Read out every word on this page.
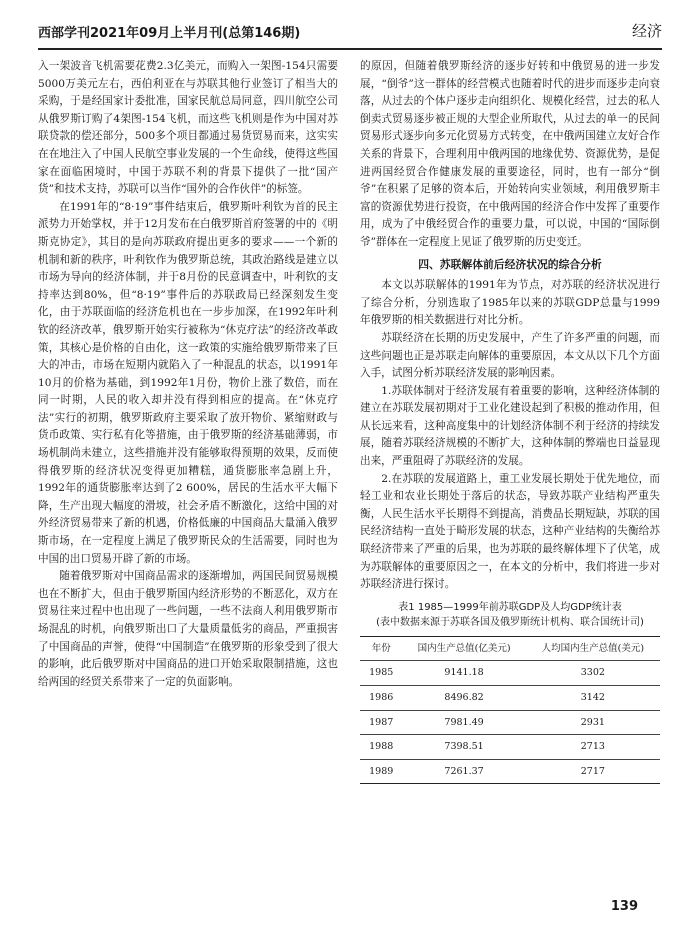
西部学刊2021年09月上半月刊(总第146期)	经济

入一架波音飞机需要花费2.3亿美元，而购入一架图-154只需要5000万美元左右，西伯利亚在与苏联其他行业签订了相当大的采购，于是经国家计委批准，国家民航总局同意，四川航空公司从俄罗斯订购了4架图-154飞机，而这些飞机则是作为中国对苏联贷款的偿还部分，500多个项目都通过易货贸易而来，这实实在在地注入了中国人民航空事业发展的一个生命线，使得这些国家在面临困境时，中国于苏联不利的背景下提供了一批“国产货”和技术支持，苏联可以当作“国外的合作伙伴”的标签。

在1991年的“8·19”事件结束后，俄罗斯叶利钦为首的民主派势力开始掌权，并于12月发布在白俄罗斯首府签署的中的《明斯克协定》，其目的是向苏联政府提出更多的要求——一个新的机制和新的秩序，叶利钦作为俄罗斯总统，其政治路线是建立以市场为导向的经济体制，并于8月份的民意调查中，叶利钦的支持率达到80%，但“8·19”事件后的苏联政局已经深刻发生变化，由于苏联面临的经济危机也在一步步加深，在1992年叶利钦的经济改革，俄罗斯开始实行被称为“休克疗法”的经济改革政策，其核心是价格的自由化，这一政策的实施给俄罗斯带来了巨大的冲击，市场在短期内就陷入了一种混乱的状态，以1991年10月的价格为基础，到1992年1月份，物价上涨了数倍，而在同一时期，人民的收入却并没有得到相应的提高。在“休克疗法”实行的初期，俄罗斯政府主要采取了放开物价、紧缩财政与货币政策、实行私有化等措施，由于俄罗斯的经济基础薄弱，市场机制尚未建立，这些措施并没有能够取得预期的效果，反而使得俄罗斯的经济状况变得更加糟糕，通货膨胀率急剧上升，1992年的通货膨胀率达到了2 600%，居民的生活水平大幅下降，生产出现大幅度的滑坡，社会矛盾不断激化，这给中国的对外经济贸易带来了新的机遇，价格低廉的中国商品大量涌入俄罗斯市场，在一定程度上满足了俄罗斯民众的生活需要，同时也为中国的出口贸易开辟了新的市场。

随着俄罗斯对中国商品需求的逐渐增加，两国民间贸易规模也在不断扩大，但由于俄罗斯国内经济形势的不断恶化，双方在贸易往来过程中也出现了一些问题，一些不法商人利用俄罗斯市场混乱的时机，向俄罗斯出口了大量质量低劣的商品，严重损害了中国商品的声誉，使得“中国制造”在俄罗斯的形象受到了很大的影响，此后俄罗斯对中国商品的进口开始采取限制措施，这也给两国的经贸关系带来了一定的负面影响。

的原因，但随着俄罗斯经济的逐步好转和中俄贸易的进一步发展，“倒爷”这一群体的经营模式也随着时代的进步而逐步走向衰落，从过去的个体户逐步走向组织化、规模化经营，过去的私人倒卖式贸易逐步被正规的大型企业所取代，从过去的单一的民间贸易形式逐步向多元化贸易方式转变，在中俄两国建立友好合作关系的背景下，合理利用中俄两国的地缘优势、资源优势，是促进两国经贸合作健康发展的重要途径，同时，也有一部分“倒爷”在积累了足够的资本后，开始转向实业领域，利用俄罗斯丰富的资源优势进行投资，在中俄两国的经济合作中发挥了重要作用，成为了中俄经贸合作的重要力量，可以说，中国的“国际倒爷”群体在一定程度上见证了俄罗斯的历史变迁。

四、苏联解体前后经济状况的综合分析

本文以苏联解体的1991年为节点，对苏联的经济状况进行了综合分析，分别选取了1985年以来的苏联GDP总量与1999年俄罗斯的相关数据进行对比分析。

苏联经济在长期的历史发展中，产生了许多严重的问题，而这些问题也正是苏联走向解体的重要原因，本文从以下几个方面入手，试图分析苏联经济发展的影响因素。

1.苏联体制对于经济发展有着重要的影响，这种经济体制的建立在苏联发展初期对于工业化建设起到了积极的推动作用，但从长远来看，这种高度集中的计划经济体制不利于经济的持续发展，随着苏联经济规模的不断扩大，这种体制的弊端也日益显现出来，严重阻碍了苏联经济的发展。

2.在苏联的发展道路上，重工业发展长期处于优先地位，而轻工业和农业长期处于落后的状态，导致苏联产业结构严重失衡，人民生活水平长期得不到提高，消费品长期短缺，苏联的国民经济结构一直处于畸形发展的状态，这种产业结构的失衡给苏联经济带来了严重的后果，也为苏联的最终解体埋下了伏笔，成为苏联解体的重要原因之一，在本文的分析中，我们将进一步对苏联经济进行探讨。

表1 1985—1999年前苏联GDP及人均GDP统计表
(表中数据来源于苏联各国及俄罗斯统计机构、联合国统计司)
年份	国内生产总值(亿美元)	人均国内生产总值(美元)
1985	9141.18	3302
1986	8496.82	3142
1987	7981.49	2931
1988	7398.51	2713
1989	7261.37	2717
139
